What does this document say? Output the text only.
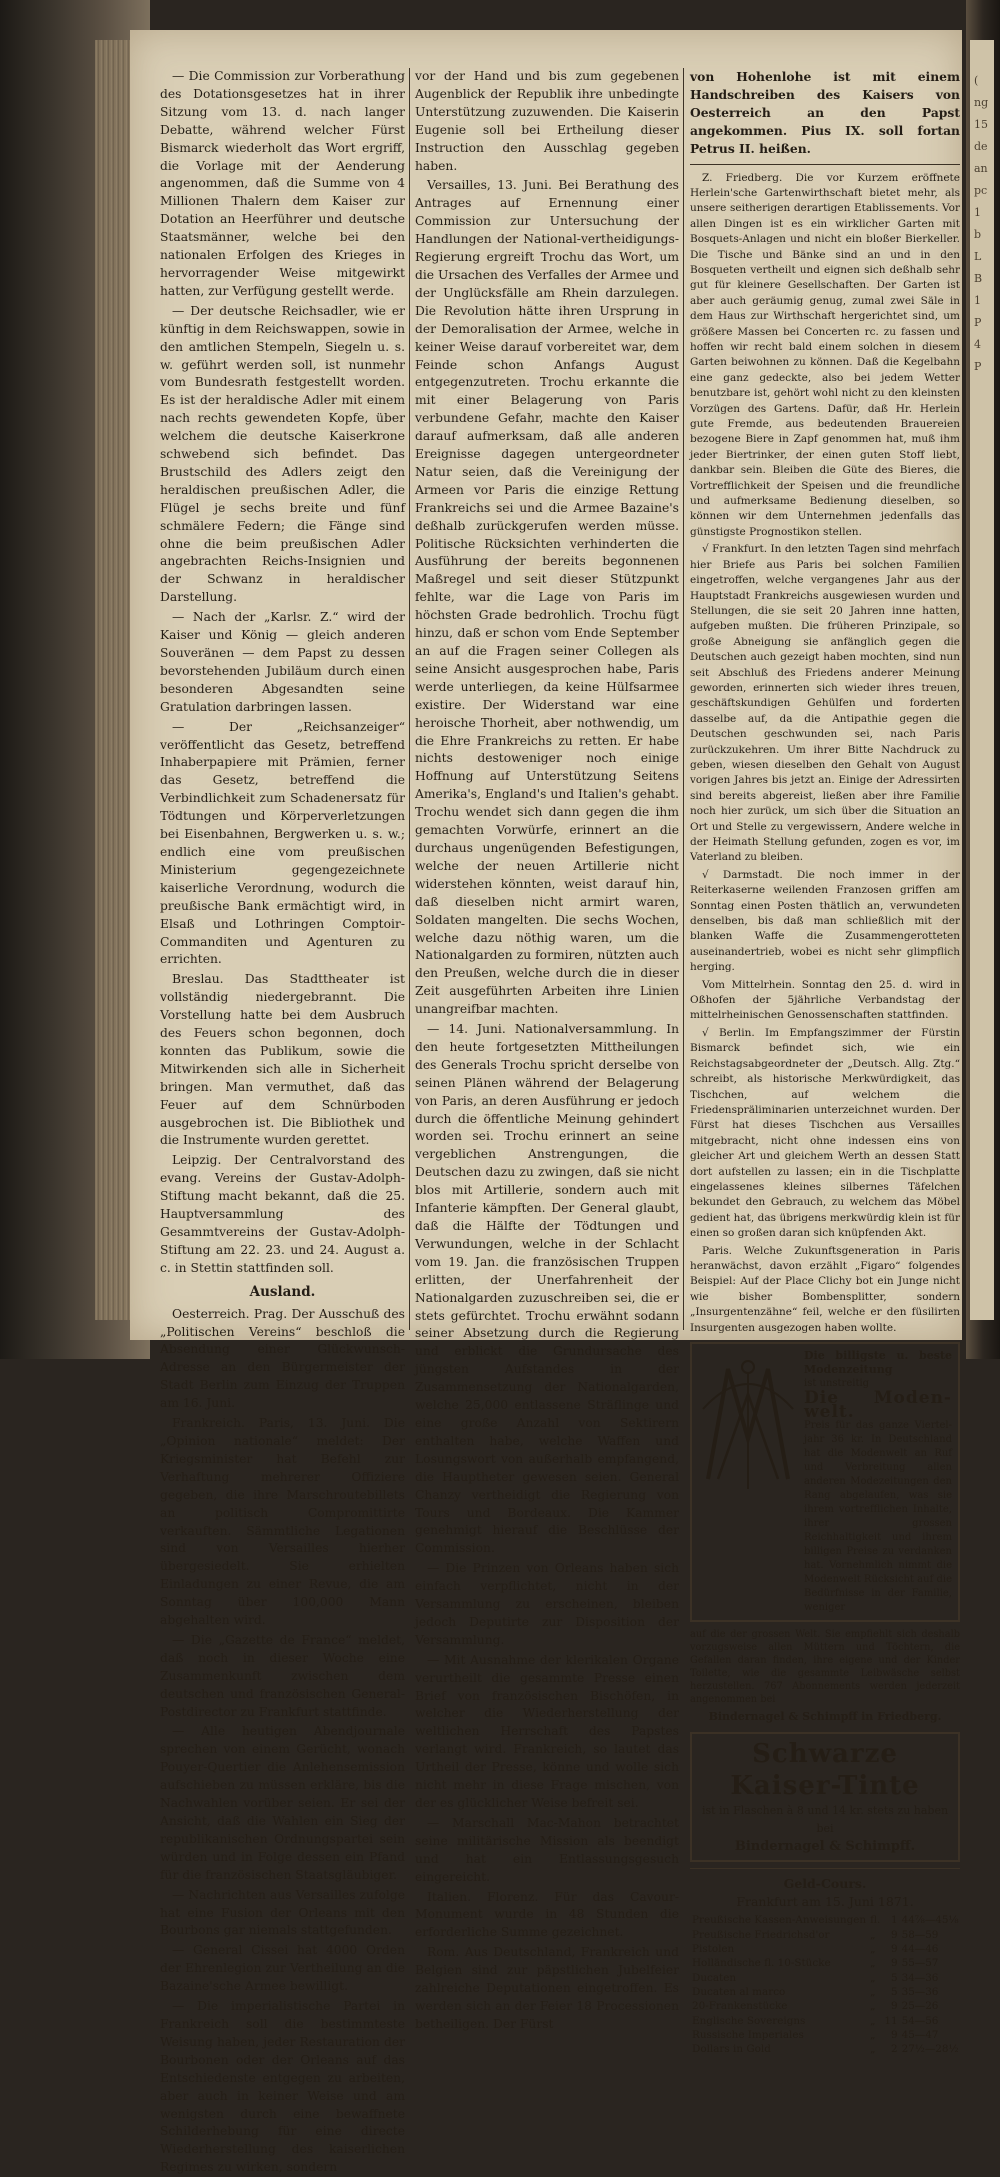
(
ng
15
de
an
pc
1
b
L
B
1
P
4
P

— Die Commission zur Vorberathung des Dotationsgesetzes hat in ihrer Sitzung vom 13. d. nach langer Debatte, während welcher Fürst Bismarck wiederholt das Wort ergriff, die Vorlage mit der Aenderung angenommen, daß die Summe von 4 Millionen Thalern dem Kaiser zur Dotation an Heerführer und deutsche Staatsmänner, welche bei den nationalen Erfolgen des Krieges in hervorragender Weise mitgewirkt hatten, zur Verfügung gestellt werde.

— Der deutsche Reichsadler, wie er künftig in dem Reichswappen, sowie in den amtlichen Stempeln, Siegeln u. s. w. geführt werden soll, ist nunmehr vom Bundesrath festgestellt worden. Es ist der heraldische Adler mit einem nach rechts gewendeten Kopfe, über welchem die deutsche Kaiserkrone schwebend sich befindet. Das Brustschild des Adlers zeigt den heraldischen preußischen Adler, die Flügel je sechs breite und fünf schmälere Federn; die Fänge sind ohne die beim preußischen Adler angebrachten Reichs-Insignien und der Schwanz in heraldischer Darstellung.

— Nach der „Karlsr. Z.“ wird der Kaiser und König — gleich anderen Souveränen — dem Papst zu dessen bevorstehenden Jubiläum durch einen besonderen Abgesandten seine Gratulation darbringen lassen.

— Der „Reichsanzeiger“ veröffentlicht das Gesetz, betreffend Inhaberpapiere mit Prämien, ferner das Gesetz, betreffend die Verbindlichkeit zum Schadenersatz für Tödtungen und Körperverletzungen bei Eisenbahnen, Bergwerken u. s. w.; endlich eine vom preußischen Ministerium gegengezeichnete kaiserliche Verordnung, wodurch die preußische Bank ermächtigt wird, in Elsaß und Lothringen Comptoir-Commanditen und Agenturen zu errichten.

Breslau. Das Stadttheater ist vollständig niedergebrannt. Die Vorstellung hatte bei dem Ausbruch des Feuers schon begonnen, doch konnten das Publikum, sowie die Mitwirkenden sich alle in Sicherheit bringen. Man vermuthet, daß das Feuer auf dem Schnürboden ausgebrochen ist. Die Bibliothek und die Instrumente wurden gerettet.

Leipzig. Der Centralvorstand des evang. Vereins der Gustav-Adolph-Stiftung macht bekannt, daß die 25. Hauptversammlung des Gesammtvereins der Gustav-Adolph-Stiftung am 22. 23. und 24. August a. c. in Stettin stattfinden soll.

Ausland.

Oesterreich. Prag. Der Ausschuß des „Politischen Vereins“ beschloß die Absendung einer Glückwunsch-Adresse an den Bürgermeister der Stadt Berlin zum Einzug der Truppen am 16. Juni.

Frankreich. Paris, 13. Juni. Die „Opinion nationale“ meldet: Der Kriegsminister hat Befehl zur Verhaftung mehrerer Offiziere gegeben, die ihre Marschroutebillets an politisch Compromittirte verkauften. Sämmtliche Legationen sind von Versailles hierher übergesiedelt. Sie erhielten Einladungen zu einer Revue, die am Sonntag über 100,000 Mann abgehalten wird.

— Die „Gazette de France“ meldet, daß noch in dieser Woche eine Zusammenkunft zwischen dem deutschen und französischen General-Postdirector zu Frankfurt stattfinde.

— Alle heutigen Abendjournale sprechen von einem Gerücht, wonach Pouyer-Quertier die Anlehensemission aufschieben zu müssen erkläre, bis die Nachwahlen vorüber seien. Er sei der Ansicht, daß die Wahlen ein Sieg der republikanischen Ordnungspartei sein würden und in Folge dessen ein Pfand für die französischen Staatsgläubiger.

— Nachrichten aus Versailles zufolge hat eine Fusion der Orleans mit den Bourbons gar niemals stattgefunden.

— General Cissei hat 4000 Orden der Ehrenlegion zur Vertheilung an die Bazaine'sche Armee bewilligt.

— Die imperialistische Partei in Frankreich soll die bestimmteste Weisung haben, jeder Restauration der Bourbonen oder der Orleans auf das Entschiedenste entgegen zu arbeiten, aber auch in keiner Weise und am wenigsten durch eine bewaffnete Schilderhebung für eine directe Wiederherstellung des kaiserlichen Regimes zu wirken, sondern

vor der Hand und bis zum gegebenen Augenblick der Republik ihre unbedingte Unterstützung zuzuwenden. Die Kaiserin Eugenie soll bei Ertheilung dieser Instruction den Ausschlag gegeben haben.

Versailles, 13. Juni. Bei Berathung des Antrages auf Ernennung einer Commission zur Untersuchung der Handlungen der National-vertheidigungs-Regierung ergreift Trochu das Wort, um die Ursachen des Verfalles der Armee und der Unglücksfälle am Rhein darzulegen. Die Revolution hätte ihren Ursprung in der Demoralisation der Armee, welche in keiner Weise darauf vorbereitet war, dem Feinde schon Anfangs August entgegenzutreten. Trochu erkannte die mit einer Belagerung von Paris verbundene Gefahr, machte den Kaiser darauf aufmerksam, daß alle anderen Ereignisse dagegen untergeordneter Natur seien, daß die Vereinigung der Armeen vor Paris die einzige Rettung Frankreichs sei und die Armee Bazaine's deßhalb zurückgerufen werden müsse. Politische Rücksichten verhinderten die Ausführung der bereits begonnenen Maßregel und seit dieser Stützpunkt fehlte, war die Lage von Paris im höchsten Grade bedrohlich. Trochu fügt hinzu, daß er schon vom Ende September an auf die Fragen seiner Collegen als seine Ansicht ausgesprochen habe, Paris werde unterliegen, da keine Hülfsarmee existire. Der Widerstand war eine heroische Thorheit, aber nothwendig, um die Ehre Frankreichs zu retten. Er habe nichts destoweniger noch einige Hoffnung auf Unterstützung Seitens Amerika's, England's und Italien's gehabt. Trochu wendet sich dann gegen die ihm gemachten Vorwürfe, erinnert an die durchaus ungenügenden Befestigungen, welche der neuen Artillerie nicht widerstehen könnten, weist darauf hin, daß dieselben nicht armirt waren, Soldaten mangelten. Die sechs Wochen, welche dazu nöthig waren, um die Nationalgarden zu formiren, nützten auch den Preußen, welche durch die in dieser Zeit ausgeführten Arbeiten ihre Linien unangreifbar machten.

— 14. Juni. Nationalversammlung. In den heute fortgesetzten Mittheilungen des Generals Trochu spricht derselbe von seinen Plänen während der Belagerung von Paris, an deren Ausführung er jedoch durch die öffentliche Meinung gehindert worden sei. Trochu erinnert an seine vergeblichen Anstrengungen, die Deutschen dazu zu zwingen, daß sie nicht blos mit Artillerie, sondern auch mit Infanterie kämpften. Der General glaubt, daß die Hälfte der Tödtungen und Verwundungen, welche in der Schlacht vom 19. Jan. die französischen Truppen erlitten, der Unerfahrenheit der Nationalgarden zuzuschreiben sei, die er stets gefürchtet. Trochu erwähnt sodann seiner Absetzung durch die Regierung und erblickt die Grundursache des jüngsten Aufstandes in der Zusammensetzung der Nationalgarden, welche 25,000 entlassene Sträflinge und eine große Anzahl von Sektirern enthalten habe, welche Waffen und Losungswort von außerhalb empfangend, die Hauptheter gewesen seien. General Chanzy vertheidigt die Regierung von Tours und Bordeaux. Die Kammer genehmigt hierauf die Beschlüsse der Commission.

— Die Prinzen von Orleans haben sich einfach verpflichtet, nicht in der Versammlung zu erscheinen, bleiben jedoch Deputirte zur Disposition der Versammlung.

— Mit Ausnahme der klerikalen Organe verurtheilt die gesammte Presse einen Brief von französischen Bischöfen, in welcher die Wiederherstellung der weltlichen Herrschaft des Papstes verlangt wird. Frankreich, so lautet das Urtheil der Presse, könne und wolle sich nicht mehr in diese Frage mischen, von der es glücklicher Weise befreit sei.

— Marschall Mac-Mahon betrachtet seine militärische Mission als beendigt und hat ein Entlassungsgesuch eingereicht.

Italien. Florenz. Für das Cavour-Monument wurde in 48 Stunden die erforderliche Summe gezeichnet.

Rom. Aus Deutschland, Frankreich und Belgien sind zur päpstlichen Jubelfeier zahlreiche Deputationen eingetroffen. Es werden sich an der Feier 18 Processionen betheiligen. Der Fürst

von Hohenlohe ist mit einem Handschreiben des Kaisers von Oesterreich an den Papst angekommen. Pius IX. soll fortan Petrus II. heißen.

Z. Friedberg. Die vor Kurzem eröffnete Herlein'sche Gartenwirthschaft bietet mehr, als unsere seitherigen derartigen Etablissements. Vor allen Dingen ist es ein wirklicher Garten mit Bosquets-Anlagen und nicht ein bloßer Bierkeller. Die Tische und Bänke sind an und in den Bosqueten vertheilt und eignen sich deßhalb sehr gut für kleinere Gesellschaften. Der Garten ist aber auch geräumig genug, zumal zwei Säle in dem Haus zur Wirthschaft hergerichtet sind, um größere Massen bei Concerten rc. zu fassen und hoffen wir recht bald einem solchen in diesem Garten beiwohnen zu können. Daß die Kegelbahn eine ganz gedeckte, also bei jedem Wetter benutzbare ist, gehört wohl nicht zu den kleinsten Vorzügen des Gartens. Dafür, daß Hr. Herlein gute Fremde, aus bedeutenden Brauereien bezogene Biere in Zapf genommen hat, muß ihm jeder Biertrinker, der einen guten Stoff liebt, dankbar sein. Bleiben die Güte des Bieres, die Vortrefflichkeit der Speisen und die freundliche und aufmerksame Bedienung dieselben, so können wir dem Unternehmen jedenfalls das günstigste Prognostikon stellen.

√ Frankfurt. In den letzten Tagen sind mehrfach hier Briefe aus Paris bei solchen Familien eingetroffen, welche vergangenes Jahr aus der Hauptstadt Frankreichs ausgewiesen wurden und Stellungen, die sie seit 20 Jahren inne hatten, aufgeben mußten. Die früheren Prinzipale, so große Abneigung sie anfänglich gegen die Deutschen auch gezeigt haben mochten, sind nun seit Abschluß des Friedens anderer Meinung geworden, erinnerten sich wieder ihres treuen, geschäftskundigen Gehülfen und forderten dasselbe auf, da die Antipathie gegen die Deutschen geschwunden sei, nach Paris zurückzukehren. Um ihrer Bitte Nachdruck zu geben, wiesen dieselben den Gehalt von August vorigen Jahres bis jetzt an. Einige der Adressirten sind bereits abgereist, ließen aber ihre Familie noch hier zurück, um sich über die Situation an Ort und Stelle zu vergewissern, Andere welche in der Heimath Stellung gefunden, zogen es vor, im Vaterland zu bleiben.

√ Darmstadt. Die noch immer in der Reiterkaserne weilenden Franzosen griffen am Sonntag einen Posten thätlich an, verwundeten denselben, bis daß man schließlich mit der blanken Waffe die Zusammengerotteten auseinandertrieb, wobei es nicht sehr glimpflich herging.

Vom Mittelrhein. Sonntag den 25. d. wird in Oßhofen der 5jährliche Verbandstag der mittelrheinischen Genossenschaften stattfinden.

√ Berlin. Im Empfangszimmer der Fürstin Bismarck befindet sich, wie ein Reichstagsabgeordneter der „Deutsch. Allg. Ztg.“ schreibt, als historische Merkwürdigkeit, das Tischchen, auf welchem die Friedenspräliminarien unterzeichnet wurden. Der Fürst hat dieses Tischchen aus Versailles mitgebracht, nicht ohne indessen eins von gleicher Art und gleichem Werth an dessen Statt dort aufstellen zu lassen; ein in die Tischplatte eingelassenes kleines silbernes Täfelchen bekundet den Gebrauch, zu welchem das Möbel gedient hat, das übrigens merkwürdig klein ist für einen so großen daran sich knüpfenden Akt.

Paris. Welche Zukunftsgeneration in Paris heranwächst, davon erzählt „Figaro“ folgendes Beispiel: Auf der Place Clichy bot ein Junge nicht wie bisher Bombensplitter, sondern „Insurgentenzähne“ feil, welche er den füsilirten Insurgenten ausgezogen haben wollte.

Die billigste u. beste Modenzeitung
ist unstreitig
Die Moden-welt.
Preis für das ganze Viertel-jahr 36 kr. In Deutschland hat die Modenwelt an Ruf und Verbreitung allen anderen Modezeitungen den Rang abgelaufen, was sie ihrem vortrefflichen Inhalte, ihrer grossen Reichhaltigkeit und ihrem billigen Preise zu verdanken hat. Vornehmlich nimmt die Modenwelt Rücksicht auf die Bedürfnisse in der Familie, weniger
auf die der grossen Welt. Sie empfiehlt sich deshalb vorzugsweise allen Müttern und Töchtern, die Gefallen daran finden, ihre eigene und der Kinder Toilette, wie die gesammte Leibwäsche selbst herzustellen. 767 Abonnements werden jederzeit angenommen bei
Bindernagel & Schimpff in Friedberg.
Schwarze Kaiser-Tinte
ist in Flaschen à 8 und 14 kr. stets zu haben bei
Bindernagel & Schimpff.
Geld-Cours.
Frankfurt am 15. Juni 1871.
Preußische Kassen-Anweisungen	fl.	1	44⅞—45⅛
Preußische Friedrichsd'or	„	9	58—59
Pistolen	„	9	44—46
Holländische fl. 10-Stücke	„	9	55—57
Ducaten	„	5	34—36
Ducaten al marco	„	5	35—36
20-Frankenstücke	„	9	25—26
Englische Sovereigns	„	11	54—56
Russische Imperiales	„	9	45—47
Dollars in Gold	„	2	27½—28½
